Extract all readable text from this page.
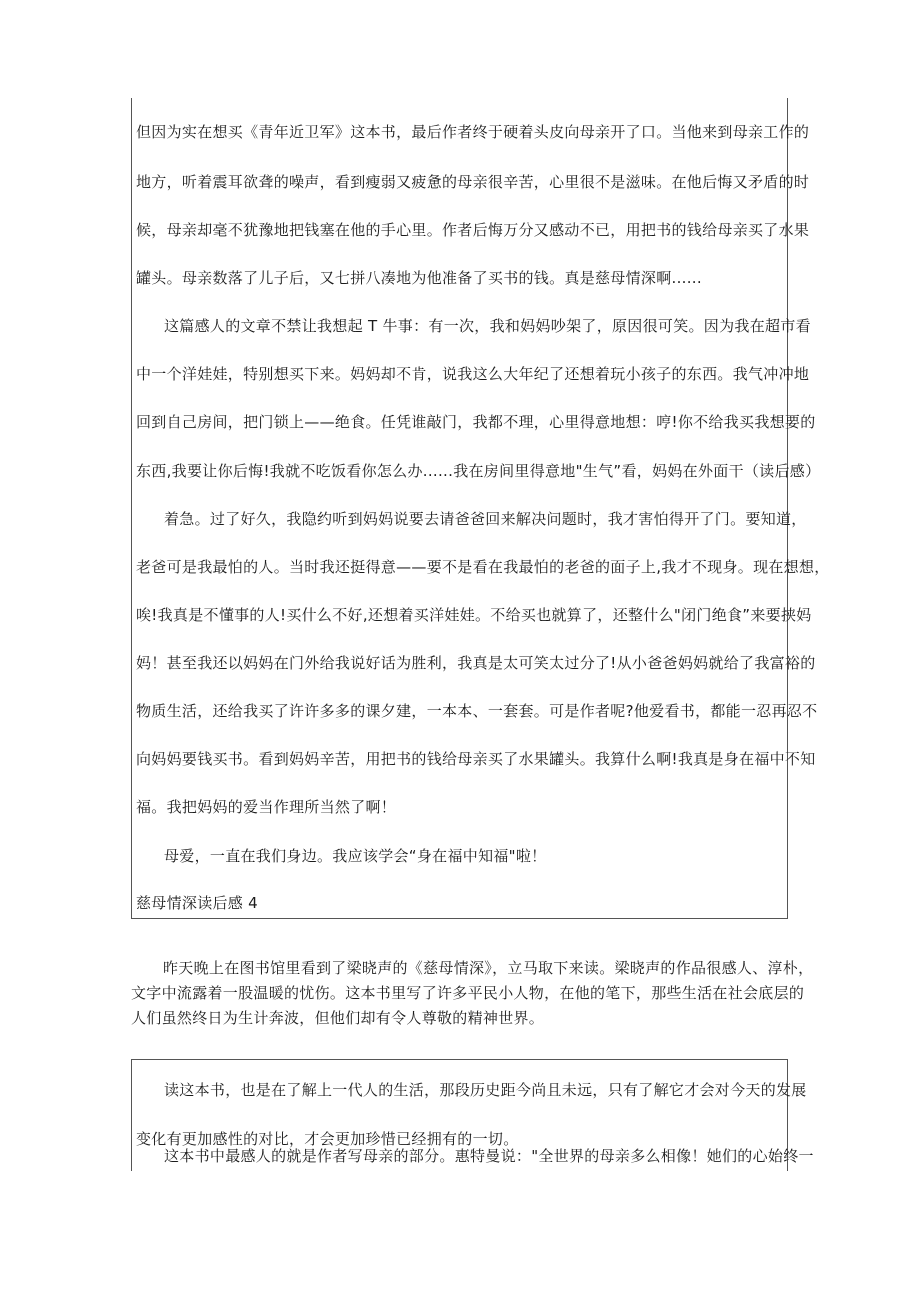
但因为实在想买《青年近卫军》这本书，最后作者终于硬着头皮向母亲开了口。当他来到母亲工作的
地方，听着震耳欲聋的噪声，看到瘦弱又疲惫的母亲很辛苦，心里很不是滋味。在他后悔又矛盾的时
候，母亲却毫不犹豫地把钱塞在他的手心里。作者后悔万分又感动不已，用把书的钱给母亲买了水果
罐头。母亲数落了儿子后，又七拼八凑地为他准备了买书的钱。真是慈母情深啊......
这篇感人的文章不禁让我想起 T 牛事：有一次，我和妈妈吵架了，原因很可笑。因为我在超市看
中一个洋娃娃，特别想买下来。妈妈却不肯，说我这么大年纪了还想着玩小孩子的东西。我气冲冲地
回到自己房间，把门锁上——绝食。任凭谁敲门，我都不理，心里得意地想：哼!你不给我买我想要的
东西,我要让你后悔!我就不吃饭看你怎么办......我在房间里得意地"生气”看，妈妈在外面干（读后感）
着急。过了好久，我隐约听到妈妈说要去请爸爸回来解决问题时，我才害怕得开了门。要知道，
老爸可是我最怕的人。当时我还挺得意——要不是看在我最怕的老爸的面子上,我才不现身。现在想想，
唉!我真是不懂事的人!买什么不好,还想着买洋娃娃。不给买也就算了，还整什么"闭门绝食”来要挟妈
妈！甚至我还以妈妈在门外给我说好话为胜利，我真是太可笑太过分了!从小爸爸妈妈就给了我富裕的
物质生活，还给我买了许许多多的课夕建，一本本、一套套。可是作者呢?他爱看书，都能一忍再忍不
向妈妈要钱买书。看到妈妈辛苦，用把书的钱给母亲买了水果罐头。我算什么啊!我真是身在福中不知
福。我把妈妈的爱当作理所当然了啊！
母爱，一直在我们身边。我应该学会“身在福中知福"啦！
慈母情深读后感 4
昨天晚上在图书馆里看到了梁晓声的《慈母情深》，立马取下来读。梁晓声的作品很感人、淳朴，
文字中流露着一股温暖的忧伤。这本书里写了许多平民小人物，在他的笔下，那些生活在社会底层的
人们虽然终日为生计奔波，但他们却有令人尊敬的精神世界。
读这本书，也是在了解上一代人的生活，那段历史距今尚且未远，只有了解它才会对今天的发展
变化有更加感性的对比，才会更加珍惜已经拥有的一切。
这本书中最感人的就是作者写母亲的部分。惠特曼说："全世界的母亲多么相像！她们的心始终一
